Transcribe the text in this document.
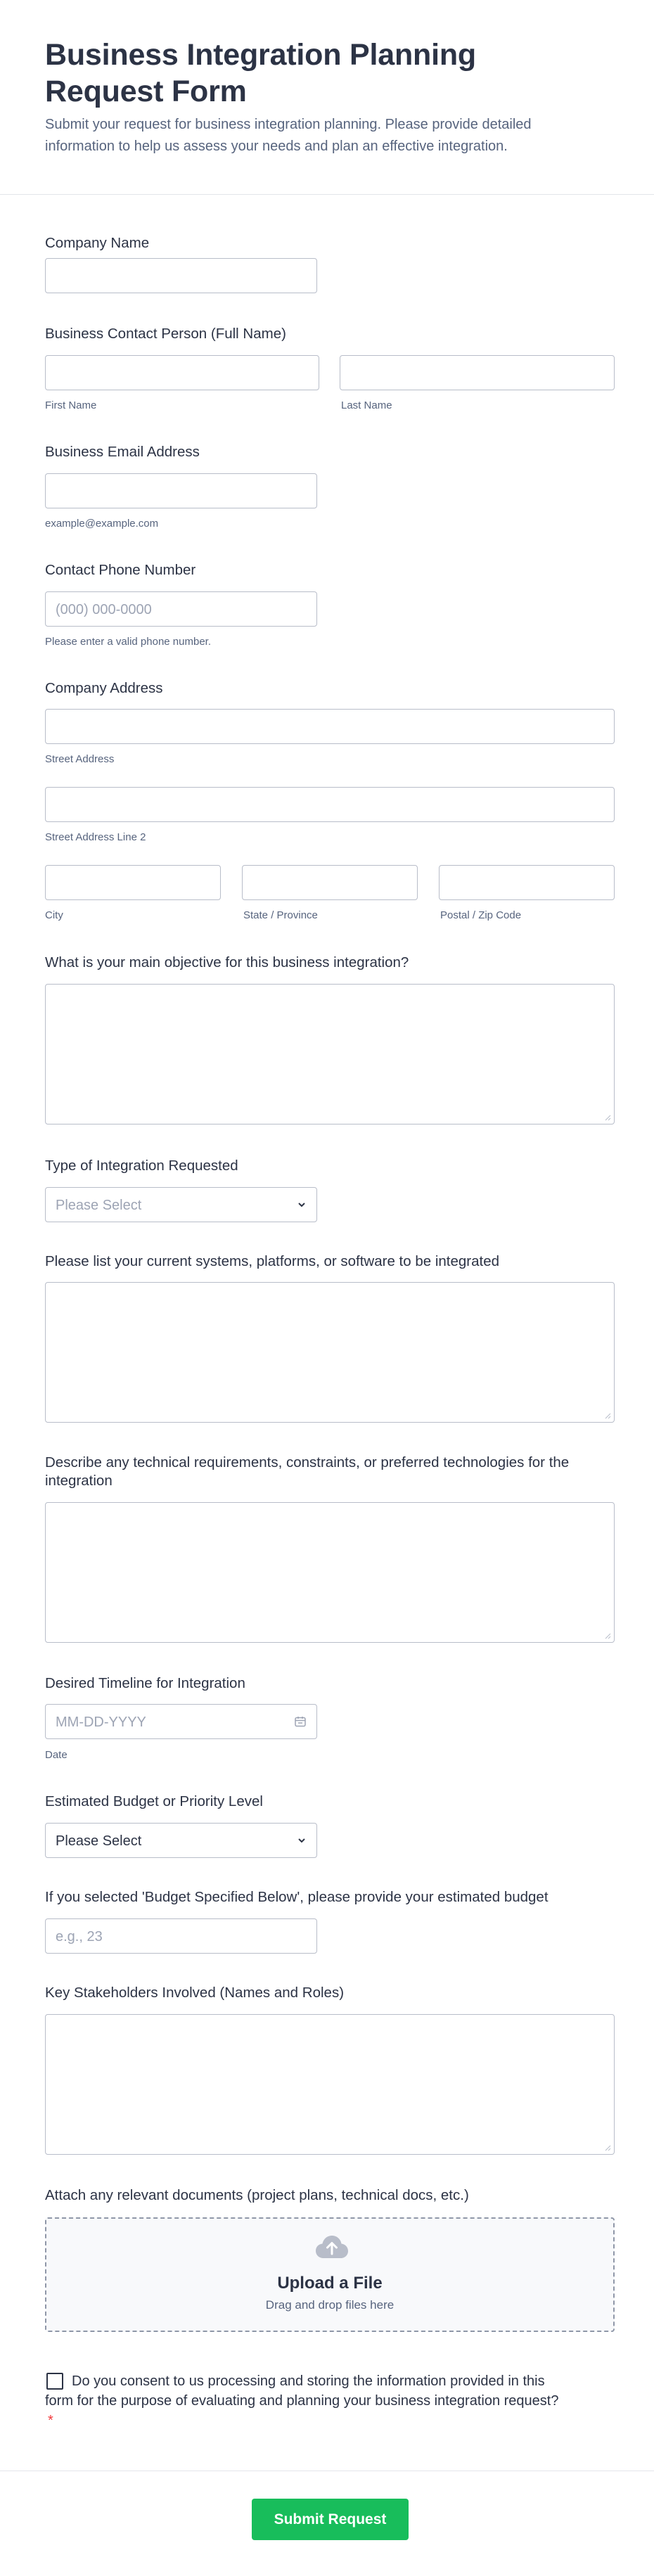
Business Integration Planning Request Form

Submit your request for business integration planning. Please provide detailed information to help us assess your needs and plan an effective integration.

Company Name
Business Contact Person (Full Name)
First Name	Last Name
Business Email Address
example@example.com
Contact Phone Number
(000) 000-0000
Please enter a valid phone number.
Company Address
Street Address
Street Address Line 2
City	State / Province	Postal / Zip Code
What is your main objective for this business integration?
Type of Integration Requested
Please Select
Please list your current systems, platforms, or software to be integrated
Describe any technical requirements, constraints, or preferred technologies for the integration
Desired Timeline for Integration
MM-DD-YYYY
Date
Estimated Budget or Priority Level
Please Select
If you selected 'Budget Specified Below', please provide your estimated budget
e.g., 23
Key Stakeholders Involved (Names and Roles)
Attach any relevant documents (project plans, technical docs, etc.)
Upload a File
Drag and drop files here
Do you consent to us processing and storing the information provided in this form for the purpose of evaluating and planning your business integration request?*
Submit Request
